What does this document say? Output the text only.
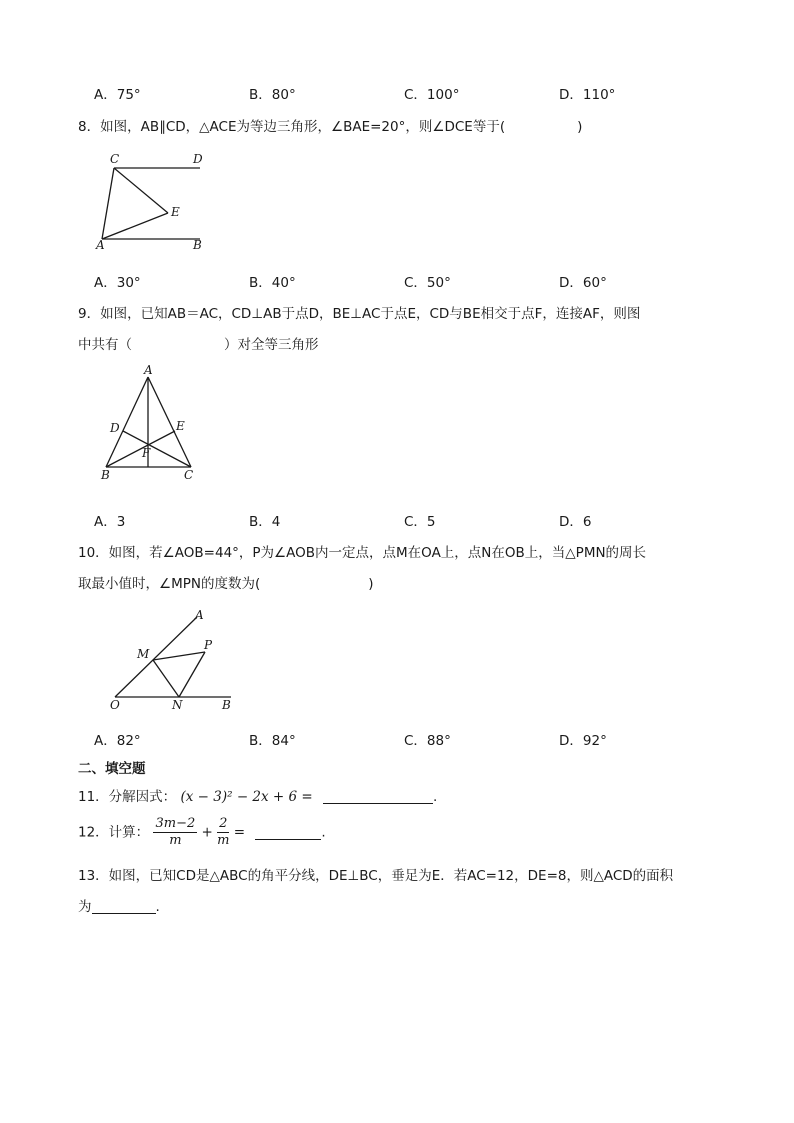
A．75°	B．80°	C．100°	D．110°
8．如图，AB∥CD，△ACE为等边三角形，∠BAE=20°，则∠DCE等于(	)
C	D
E
A	B
A．30°	B．40°	C．50°	D．60°
9．如图，已知AB＝AC，CD⊥AB于点D，BE⊥AC于点E，CD与BE相交于点F，连接AF，则图
中共有（	）对全等三角形
A
D	E
F
B	C
A．3	B．4	C．5	D．6
10．如图，若∠AOB=44°，P为∠AOB内一定点，点M在OA上，点N在OB上，当△PMN的周长
取最小值时，∠MPN的度数为(	)
A
P
M
O	N	B
A．82°	B．84°	C．88°	D．92°
二、填空题
11．分解因式： (x − 3)² − 2x + 6 =	.
12．计算： $\frac{3m-2}{m} + \frac{2}{m}$ =	.
13．如图，已知CD是△ABC的角平分线，DE⊥BC，垂足为E．若AC=12，DE=8，则△ACD的面积
为	.
